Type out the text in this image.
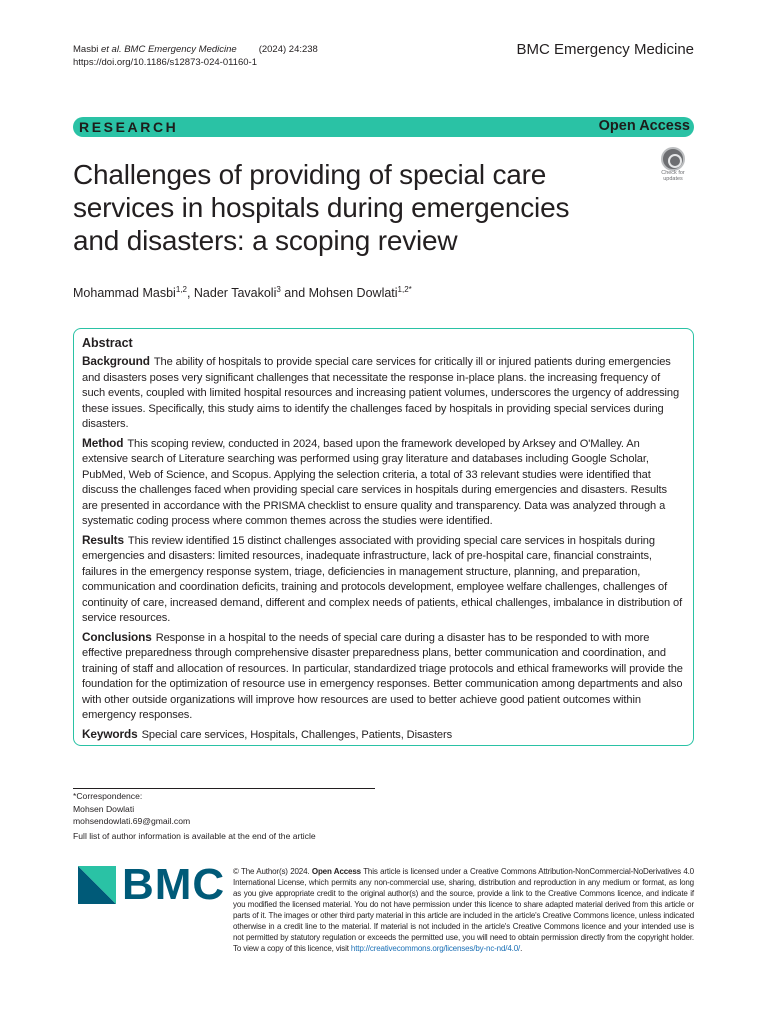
Masbi et al. BMC Emergency Medicine (2024) 24:238
https://doi.org/10.1186/s12873-024-01160-1
BMC Emergency Medicine
RESEARCH	Open Access
Challenges of providing of special care services in hospitals during emergencies and disasters: a scoping review
Check for
updates
Mohammad Masbi$^{1,2}$, Nader Tavakoli$^3$ and Mohsen Dowlati$^{1,2*}$
Abstract

Background The ability of hospitals to provide special care services for critically ill or injured patients during emergencies and disasters poses very significant challenges that necessitate the response in-place plans. the increasing frequency of such events, coupled with limited hospital resources and increasing patient volumes, underscores the urgency of addressing these issues. Specifically, this study aims to identify the challenges faced by hospitals in providing special services during disasters.

Method This scoping review, conducted in 2024, based upon the framework developed by Arksey and O'Malley. An extensive search of Literature searching was performed using gray literature and databases including Google Scholar, PubMed, Web of Science, and Scopus. Applying the selection criteria, a total of 33 relevant studies were identified that discuss the challenges faced when providing special care services in hospitals during emergencies and disasters. Results are presented in accordance with the PRISMA checklist to ensure quality and transparency. Data was analyzed through a systematic coding process where common themes across the studies were identified.

Results This review identified 15 distinct challenges associated with providing special care services in hospitals during emergencies and disasters: limited resources, inadequate infrastructure, lack of pre-hospital care, financial constraints, failures in the emergency response system, triage, deficiencies in management structure, planning, and preparation, communication and coordination deficits, training and protocols development, employee welfare challenges, challenges of continuity of care, increased demand, different and complex needs of patients, ethical challenges, imbalance in distribution of service resources.

Conclusions Response in a hospital to the needs of special care during a disaster has to be responded to with more effective preparedness through comprehensive disaster preparedness plans, better communication and coordination, and training of staff and allocation of resources. In particular, standardized triage protocols and ethical frameworks will provide the foundation for the optimization of resource use in emergency responses. Better communication among departments and also with other outside organizations will improve how resources are used to better achieve good patient outcomes within emergency responses.

Keywords Special care services, Hospitals, Challenges, Patients, Disasters

*Correspondence:
Mohsen Dowlati
mohsendowlati.69@gmail.com
Full list of author information is available at the end of the article
BMC © The Author(s) 2024. Open Access This article is licensed under a Creative Commons Attribution-NonCommercial-NoDerivatives 4.0 International License, which permits any non-commercial use, sharing, distribution and reproduction in any medium or format, as long as you give appropriate credit to the original author(s) and the source, provide a link to the Creative Commons licence, and indicate if you modified the licensed material. You do not have permission under this licence to share adapted material derived from this article or parts of it. The images or other third party material in this article are included in the article's Creative Commons licence, unless indicated otherwise in a credit line to the material. If material is not included in the article's Creative Commons licence and your intended use is not permitted by statutory regulation or exceeds the permitted use, you will need to obtain permission directly from the copyright holder. To view a copy of this licence, visit http://creativecommons.org/licenses/by-nc-nd/4.0/.
